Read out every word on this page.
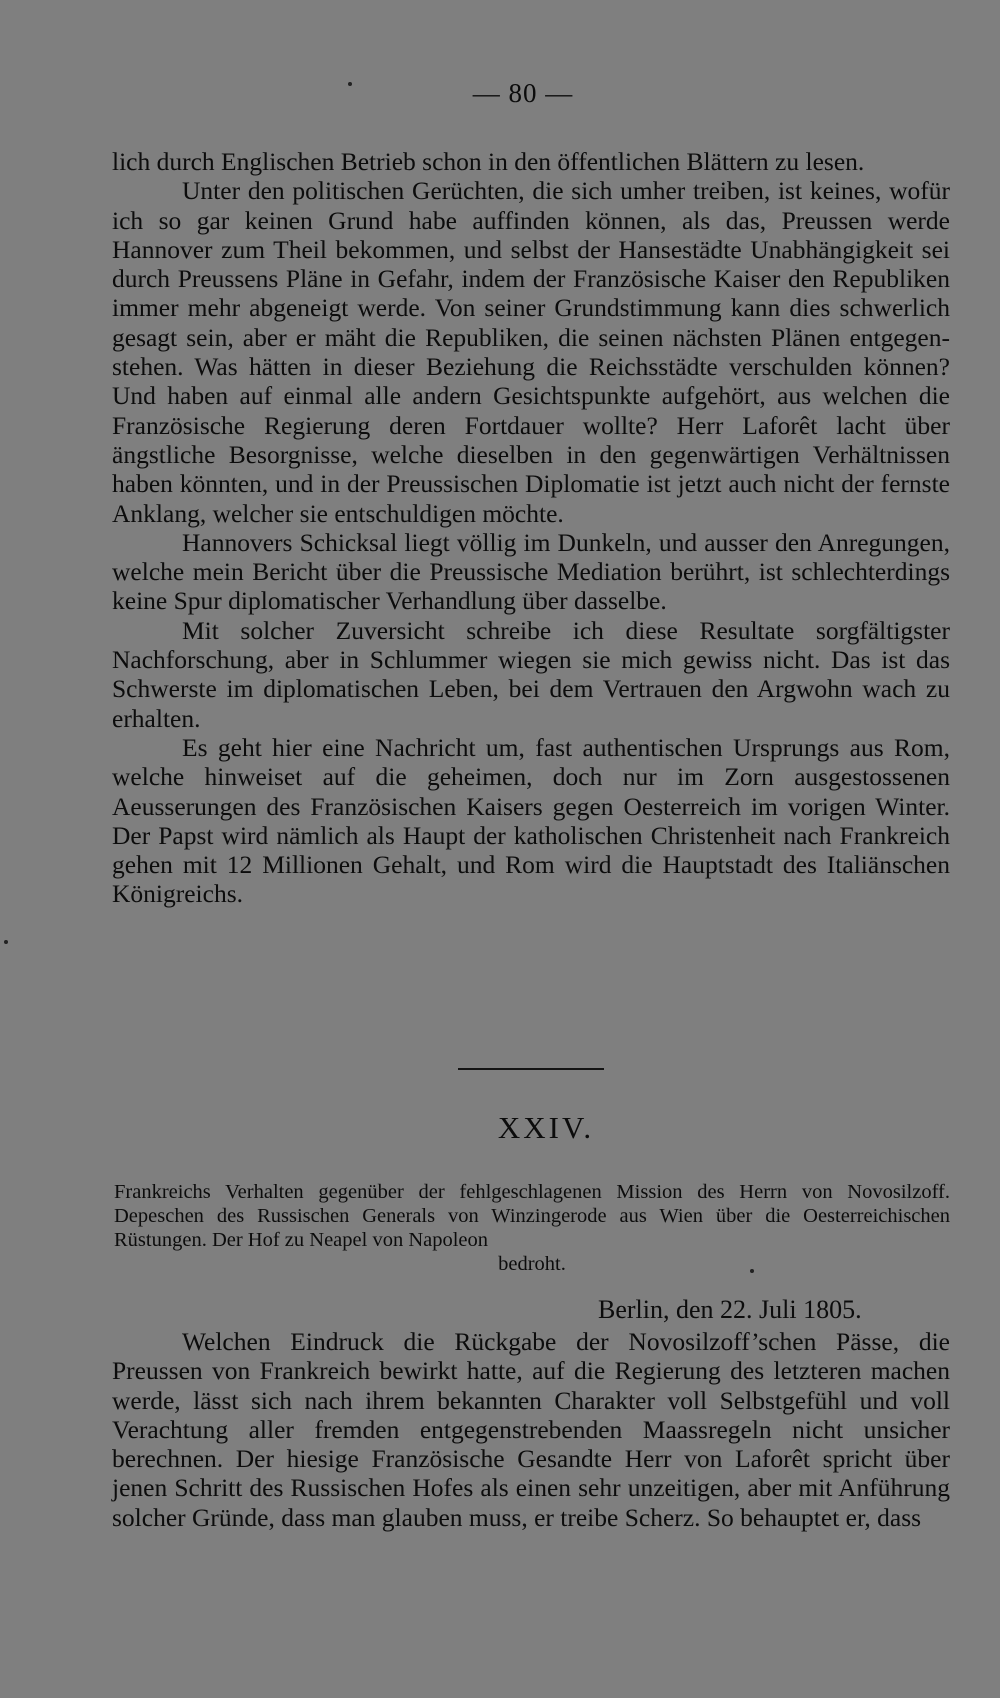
— 80 —

lich durch Englischen Betrieb schon in den öffentlichen Blättern zu lesen.

Unter den politischen Gerüchten, die sich umher treiben, ist keines, wofür ich so gar keinen Grund habe auffinden können, als das, Preussen werde Hannover zum Theil bekommen, und selbst der Hansestädte Unabhängigkeit sei durch Preussens Pläne in Gefahr, indem der Französische Kaiser den Republiken immer mehr abgeneigt werde. Von seiner Grundstimmung kann dies schwerlich gesagt sein, aber er mäht die Republiken, die seinen nächsten Plänen entgegenstehen. Was hätten in dieser Beziehung die Reichsstädte verschulden können? Und haben auf einmal alle andern Gesichtspunkte aufgehört, aus welchen die Französische Regierung deren Fortdauer wollte? Herr Laforêt lacht über ängstliche Besorgnisse, welche dieselben in den gegenwärtigen Verhältnissen haben könnten, und in der Preussischen Diplomatie ist jetzt auch nicht der fernste Anklang, welcher sie entschuldigen möchte.

Hannovers Schicksal liegt völlig im Dunkeln, und ausser den Anregungen, welche mein Bericht über die Preussische Mediation berührt, ist schlechterdings keine Spur diplomatischer Verhandlung über dasselbe.

Mit solcher Zuversicht schreibe ich diese Resultate sorgfältigster Nachforschung, aber in Schlummer wiegen sie mich gewiss nicht. Das ist das Schwerste im diplomatischen Leben, bei dem Vertrauen den Argwohn wach zu erhalten.

Es geht hier eine Nachricht um, fast authentischen Ursprungs aus Rom, welche hinweiset auf die geheimen, doch nur im Zorn ausgestossenen Aeusserungen des Französischen Kaisers gegen Oesterreich im vorigen Winter. Der Papst wird nämlich als Haupt der katholischen Christenheit nach Frankreich gehen mit 12 Millionen Gehalt, und Rom wird die Hauptstadt des Italiänschen Königreichs.

XXIV.
Frankreichs Verhalten gegenüber der fehlgeschlagenen Mission des Herrn von Novosilzoff. Depeschen des Russischen Generals von Winzingerode aus Wien über die Oesterreichischen Rüstungen. Der Hof zu Neapel von Napoleon
bedroht.
Berlin, den 22. Juli 1805.

Welchen Eindruck die Rückgabe der Novosilzoff’schen Pässe, die Preussen von Frankreich bewirkt hatte, auf die Regierung des letzteren machen werde, lässt sich nach ihrem bekannten Charakter voll Selbstgefühl und voll Verachtung aller fremden entgegenstrebenden Maassregeln nicht unsicher berechnen. Der hiesige Französische Gesandte Herr von Laforêt spricht über jenen Schritt des Russischen Hofes als einen sehr unzeitigen, aber mit Anführung solcher Gründe, dass man glauben muss, er treibe Scherz. So behauptet er, dass
